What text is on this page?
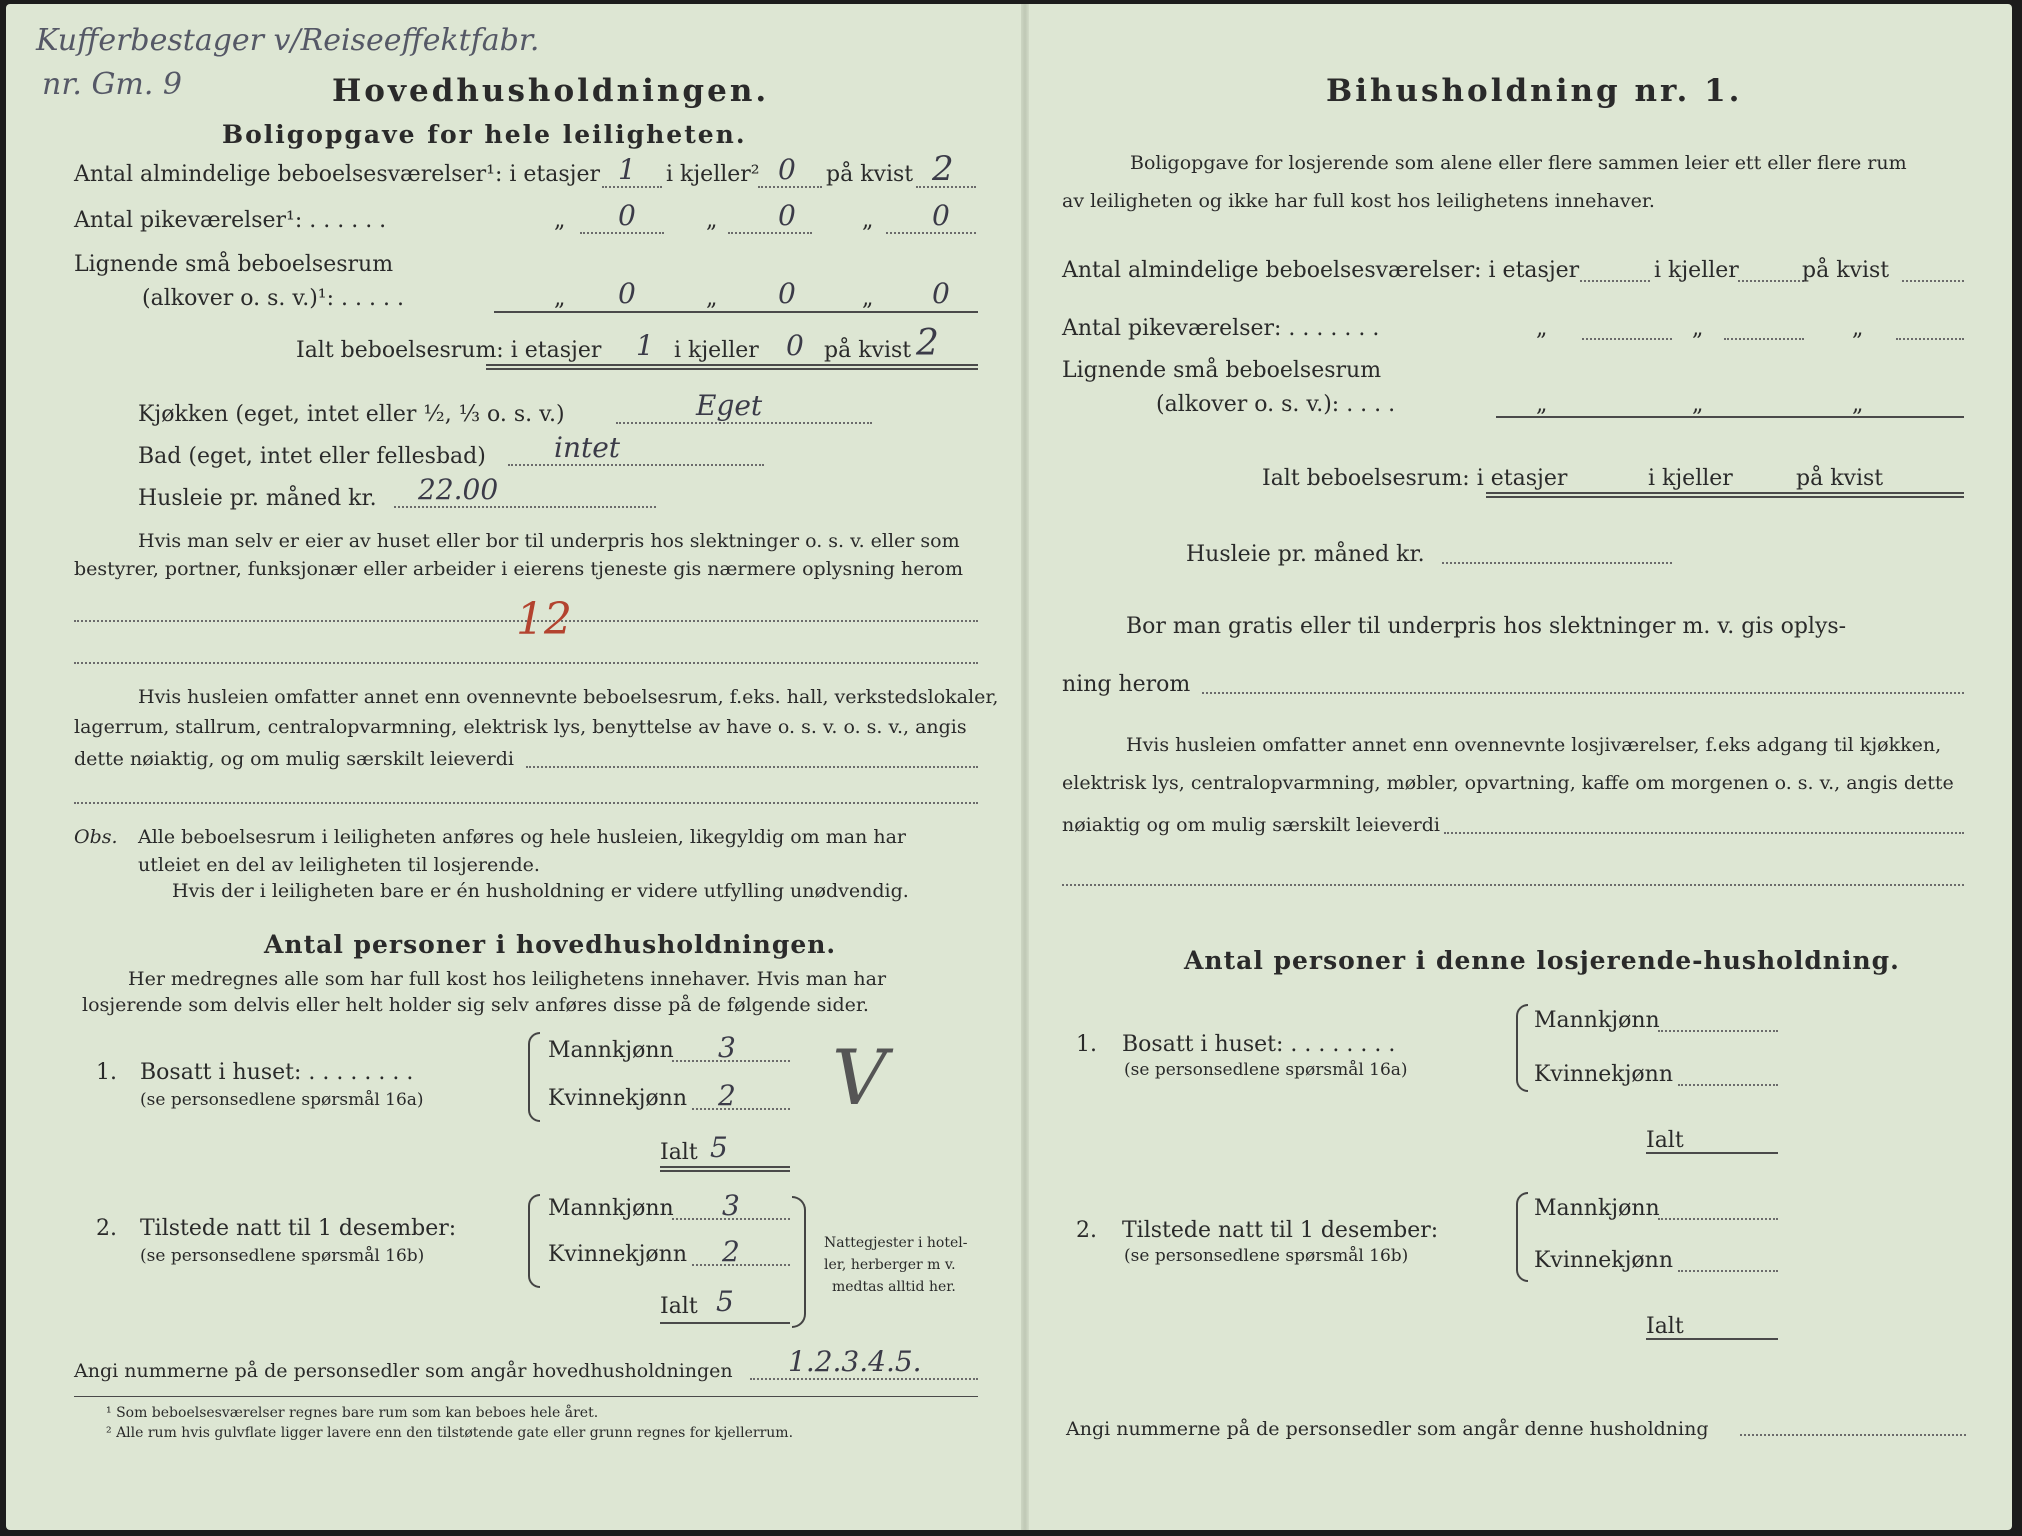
Kufferbestager v/Reiseeffektfabr.
nr. Gm. 9	Hovedhusholdningen.
Boligopgave for hele leiligheten.
Antal almindelige beboelsesværelser¹: i etasjer 1 i kjeller² 0 på kvist 2
Antal pikeværelser¹: . . . . . .	„ 0	„ 0	„ 0
Lignende små beboelsesrum
(alkover o. s. v.)¹: . . . . .	„ 0	„ 0	„ 0
Ialt beboelsesrum: i etasjer 1 i kjeller 0 på kvist 2
Kjøkken (eget, intet eller ½, ⅓ o. s. v.)	Eget
Bad (eget, intet eller fellesbad) intet
Husleie pr. måned kr. 22.00
Hvis man selv er eier av huset eller bor til underpris hos slektninger o. s. v. eller som
bestyrer, portner, funksjonær eller arbeider i eierens tjeneste gis nærmere oplysning herom
12
Hvis husleien omfatter annet enn ovennevnte beboelsesrum, f.eks. hall, verkstedslokaler,
lagerrum, stallrum, centralopvarmning, elektrisk lys, benyttelse av have o. s. v. o. s. v., angis
dette nøiaktig, og om mulig særskilt leieverdi
Obs. Alle beboelsesrum i leiligheten anføres og hele husleien, likegyldig om man har
utleiet en del av leiligheten til losjerende.
Hvis der i leiligheten bare er én husholdning er videre utfylling unødvendig.
Antal personer i hovedhusholdningen.
Her medregnes alle som har full kost hos leilighetens innehaver. Hvis man har
losjerende som delvis eller helt holder sig selv anføres disse på de følgende sider.
1. Bosatt i huset: . . . . . . . .
(se personsedlene spørsmål 16a)
Mannkjønn 3
Kvinnekjønn 2 V
Ialt 5
2. Tilstede natt til 1 desember:
(se personsedlene spørsmål 16b)
Mannkjønn 3
Kvinnekjønn 2
Ialt 5
Nattegjester i hotel-
ler, herberger m v.
medtas alltid her.
Angi nummerne på de personsedler som angår hovedhusholdningen 1.2.3.4.5.
¹ Som beboelsesværelser regnes bare rum som kan beboes hele året.
² Alle rum hvis gulvflate ligger lavere enn den tilstøtende gate eller grunn regnes for kjellerrum.
Bihusholdning nr. 1.
Boligopgave for losjerende som alene eller flere sammen leier ett eller flere rum
av leiligheten og ikke har full kost hos leilighetens innehaver.
Antal almindelige beboelsesværelser: i etasjer	i kjeller	på kvist
Antal pikeværelser: . . . . . . .	„	„	„
Lignende små beboelsesrum
(alkover o. s. v.): . . . .	„	„	„
Ialt beboelsesrum: i etasjer	i kjeller	på kvist
Husleie pr. måned kr.
Bor man gratis eller til underpris hos slektninger m. v. gis oplys-
ning herom
Hvis husleien omfatter annet enn ovennevnte losjiværelser, f.eks adgang til kjøkken,
elektrisk lys, centralopvarmning, møbler, opvartning, kaffe om morgenen o. s. v., angis dette
nøiaktig og om mulig særskilt leieverdi
Antal personer i denne losjerende-husholdning.
1. Bosatt i huset: . . . . . . . .
(se personsedlene spørsmål 16a)
Mannkjønn
Kvinnekjønn
Ialt
2. Tilstede natt til 1 desember:
(se personsedlene spørsmål 16b)
Mannkjønn
Kvinnekjønn
Ialt
Angi nummerne på de personsedler som angår denne husholdning
